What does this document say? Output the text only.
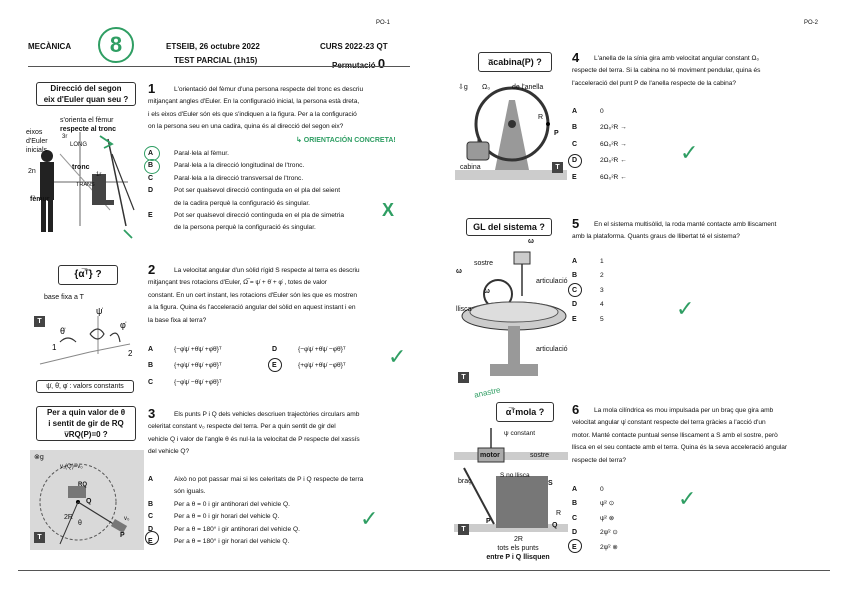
PO-1	PO-2
MECÀNICA	8	ETSEIB, 26 octubre 2022
TEST PARCIAL (1h15)
CURS 2022-23 QT
Permutació 0
Direcció del segon
eix d'Euler quan seu ?
s'orienta el fèmur
respecte al tronc
eixos
d'Euler
inicials
3r
LONG
tronc
2n	1r
TRANS
fèmur
1	L'orientació del fèmur d'una persona respecte del tronc es descriu
mitjançant angles d'Euler. En la configuració inicial, la persona està dreta,
i els eixos d'Euler són els que s'indiquen a la figura. Per a la configuració
on la persona seu en una cadira, quina és al direcció del segon eix?
↳ ORIENTACIÓN CONCRETA!
A	Paral·lela al fèmur.
B	Paral·lela a la direcció longitudinal de l'tronc.
C	Paral·lela a la direcció transversal de l'tronc.
D	Pot ser qualsevol direcció continguda en el pla del seient
de la cadira perquè la configuració és singular.
E	Pot ser qualsevol direcció continguda en el pla de simetria
de la persona perquè la configuració és singular.
X
{α̅ᵀ} ?
base fixa a T
θ̇
ψ̇
φ̇
1
2
T
ψ̇, θ̇, φ̇ : valors constants
2	La velocitat angular d'un sòlid rígid S respecte al terra es descriu
mitjançant tres rotacions d'Euler, Ω̅ = ψ̇ + θ̇ + φ̇ , totes de valor
constant. En un cert instant, les rotacions d'Euler són les que es mostren
a la figura. Quina és l'acceleració angular del sòlid en aquest instant i en
la base fixa al terra?
A	{−φ̇ψ̇ +θ̇ψ̇ +φ̇θ̇}ᵀ
B	{+φ̇ψ̇ +θ̇ψ̇ +φ̇θ̇}ᵀ
C	{−φ̇ψ̇ −θ̇ψ̇ +φ̇θ̇}ᵀ
D	{−φ̇ψ̇ +θ̇ψ̇ −φ̇θ̇}ᵀ
E	{+φ̇ψ̇ +θ̇ψ̇ −φ̇θ̇}ᵀ ✓
Per a quin valor de θ
i sentit de gir de RQ
v̅RQ(P)=0 ?
⊗g
v₁(Q)=v₀
RQ
Q
2R
θ
P
v₀
T
3	Els punts P i Q dels vehicles descriuen trajectòries circulars amb
celeritat constant v₀ respecte del terra. Per a quin sentit de gir del
vehicle Q i valor de l'angle θ és nul·la la velocitat de P respecte del xassís
del vehicle Q?
A	Això no pot passar mai si les celeritats de P i Q respecte de terra
són iguals.
B	Per a θ = 0 i gir antihorari del vehicle Q.
C	Per a θ = 0 i gir horari del vehicle Q.
D	Per a θ = 180° i gir antihorari del vehicle Q.
E	Per a θ = 180° i gir horari del vehicle Q.
✓
a̅cabina(P) ?
⇩g Ω₀	de l'anella
R
P
cabina	T
4	L'anella de la sínia gira amb velocitat angular constant Ω₀
respecte del terra. Si la cabina no té moviment pendular, quina és
l'acceleració del punt P de l'anella respecte de la cabina?
A	0
B	2Ω₀²R →
C	6Ω₀²R →
D	2Ω₀²R ←
E	6Ω₀²R ←
✓
GL del sistema ?
ω
ω
ω
sostre
articulació
llisca
articulació
T
5	En el sistema multisòlid, la roda manté contacte amb lliscament
amb la plataforma. Quants graus de llibertat té el sistema?
A	1
B	2
C	3
D	4
E	5	✓
anastre
α̅ᵀmola ?
ψ constant
motor	sostre
S no llisca
S
braç
R
P
Q
2R
T
tots els punts
entre P i Q llisquen
6	La mola cilíndrica es mou impulsada per un braç que gira amb
velocitat angular ψ̇ constant respecte del terra gràcies a l'acció d'un
motor. Manté contacte puntual sense lliscament a S amb el sostre, però
llisca en el seu contacte amb el terra. Quina és la seva acceleració angular
respecte del terra?
A	0
B	ψ̇² ⊙
C	ψ̇² ⊗
D	2ψ̇² ⊙
E	2ψ̇² ⊗
✓
